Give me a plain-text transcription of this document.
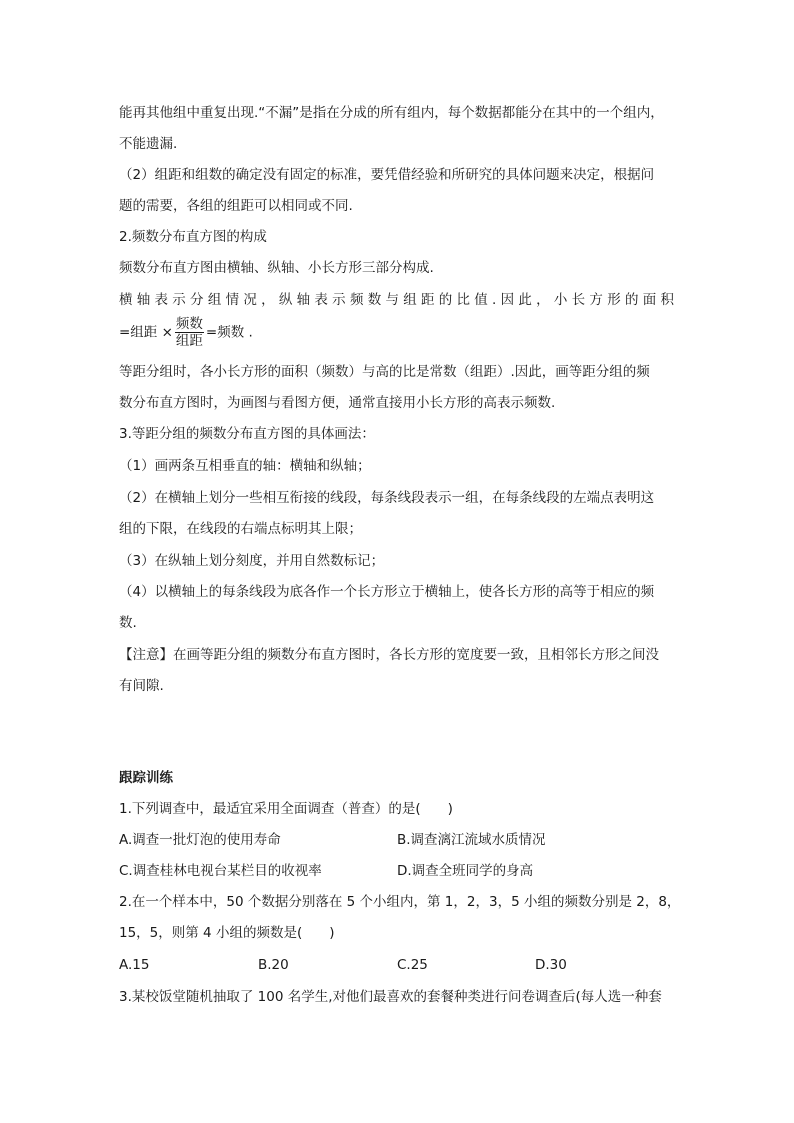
能再其他组中重复出现.“不漏”是指在分成的所有组内，每个数据都能分在其中的一个组内，
不能遗漏.
（2）组距和组数的确定没有固定的标准，要凭借经验和所研究的具体问题来决定，根据问
题的需要，各组的组距可以相同或不同.
2.频数分布直方图的构成
频数分布直方图由横轴、纵轴、小长方形三部分构成.
横轴表示分组情况，纵轴表示频数与组距的比值.因此，小长方形的面积
=组距 × $\frac{\text{频数}}{\text{组距}}$ =频数 .
等距分组时，各小长方形的面积（频数）与高的比是常数（组距）.因此，画等距分组的频
数分布直方图时，为画图与看图方便，通常直接用小长方形的高表示频数.
3.等距分组的频数分布直方图的具体画法：
（1）画两条互相垂直的轴：横轴和纵轴；
（2）在横轴上划分一些相互衔接的线段，每条线段表示一组，在每条线段的左端点表明这
组的下限，在线段的右端点标明其上限；
（3）在纵轴上划分刻度，并用自然数标记；
（4）以横轴上的每条线段为底各作一个长方形立于横轴上，使各长方形的高等于相应的频
数.
【注意】在画等距分组的频数分布直方图时，各长方形的宽度要一致，且相邻长方形之间没
有间隙.
跟踪训练
1.下列调查中，最适宜采用全面调查（普查）的是(　　)
A.调查一批灯泡的使用寿命	B.调查漓江流域水质情况
C.调查桂林电视台某栏目的收视率	D.调查全班同学的身高
2.在一个样本中，50 个数据分别落在 5 个小组内，第 1，2，3，5 小组的频数分别是 2，8，
15，5，则第 4 小组的频数是(　　)
A.15	B.20	C.25	D.30
3.某校饭堂随机抽取了 100 名学生,对他们最喜欢的套餐种类进行问卷调查后(每人选一种套
